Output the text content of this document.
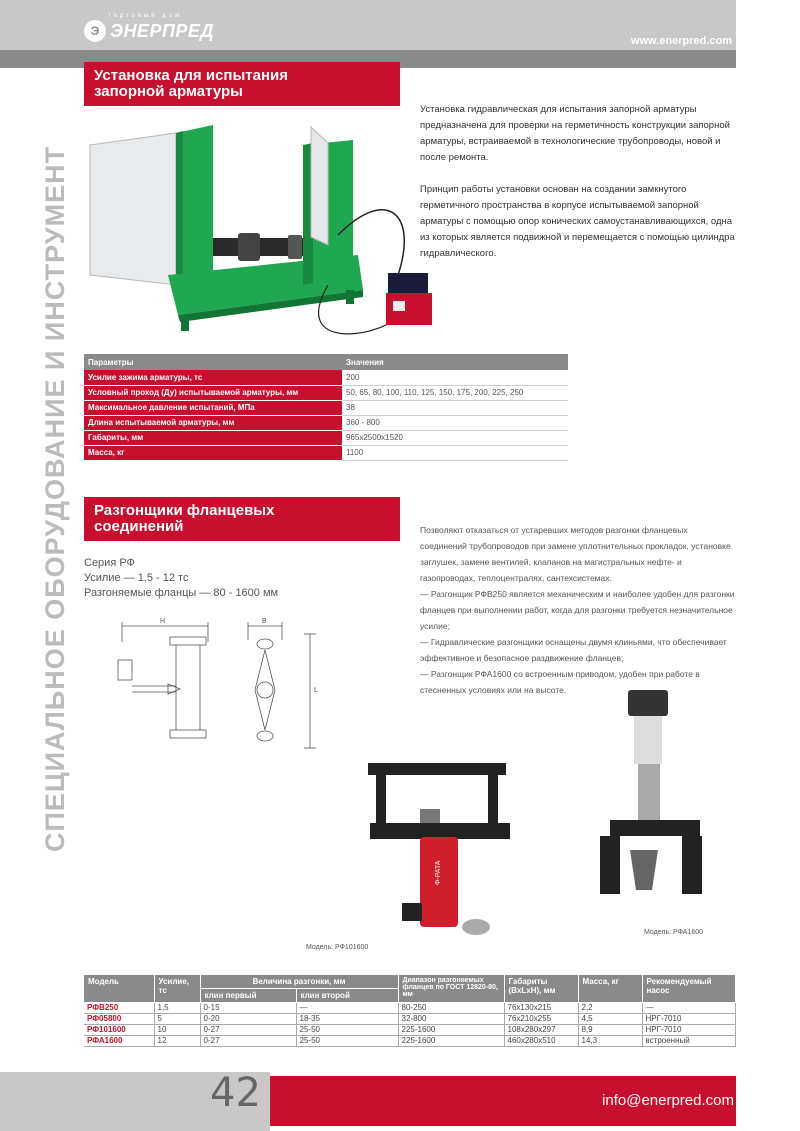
Э ЭНЕРПРЕД
торговый дом
www.enerpred.com
СПЕЦИАЛЬНОЕ ОБОРУДОВАНИЕ И ИНСТРУМЕНТ
Установка для испытания
запорной арматуры

Установка гидравлическая для испытания запорной арматуры предназначена для проверки на герметичность конструкции запорной арматуры, встраиваемой в технологические трубопроводы, новой и после ремонта.

Принцип работы установки основан на создании замкнутого герметичного пространства в корпусе испытываемой запорной арматуры с помощью опор конических самоустанавливающихся, одна из которых является подвижной и перемещается с помощью цилиндра гидравлического.

Параметры	Значения
Усилие зажима арматуры, тс	200
Условный проход (Ду) испытываемой арматуры, мм	50, 65, 80, 100, 110, 125, 150, 175, 200, 225, 250
Максимальное давление испытаний, МПа	38
Длина испытываемой арматуры, мм	360 - 800
Габариты, мм	965x2500x1520
Масса, кг	1100
Разгонщики фланцевых
соединений
Серия РФ
Усилие — 1,5 - 12 тс
Разгоняемые фланцы — 80 - 1600 мм
Позволяют отказаться от устаревших методов разгонки фланцевых соединений трубопроводов при замене уплотнительных прокладок, установке заглушек, замене вентилей, клапанов на магистральных нефте- и газопроводах, теплоцентралях, сантехсистемах.
— Разгонщик РФВ250 является механическим и наиболее удобен для разгонки фланцев при выполнении работ, когда для разгонки требуется незначительное усилие;
— Гидравлические разгонщики оснащены двумя клиньями, что обеспечивает эффективное и безопасное раздвижение фланцев;
— Разгонщик РФА1600 со встроенным приводом, удобен при работе в стесненных условиях или на высоте.
H	B
L
Ф-PATA
Модель: РФ101600
Модель: РФА1600
Модель	Усилие, тс	Величина разгонки, мм		Диапазон разгоняемых фланцев по ГОСТ 12820-80, мм	Габариты (BxLxH), мм	Масса, кг	Рекомендуемый насос
		клин первый	клин второй				
РФВ250	1,5	0-15	—	80-250	76x130x215	2,2	—
РФ05800	5	0-20	18-35	32-800	76x210x255	4,5	НРГ-7010
РФ101600	10	0-27	25-50	225-1600	108x280x297	8,9	НРГ-7010
РФА1600	12	0-27	25-50	225-1600	460x280x510	14,3	встроенный
42	info@enerpred.com
